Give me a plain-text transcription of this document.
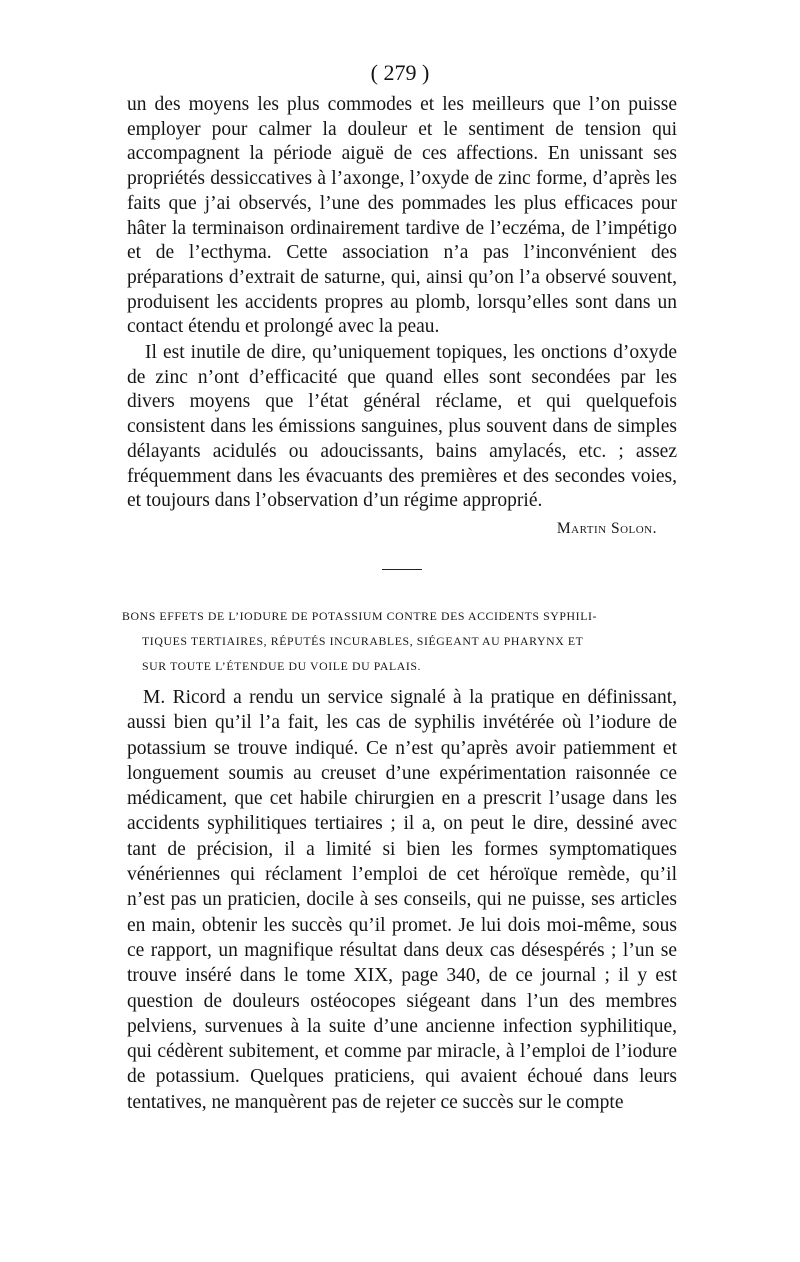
( 279 )

un des moyens les plus commodes et les meilleurs que l’on puisse employer pour calmer la douleur et le sentiment de tension qui accompagnent la période aiguë de ces affections. En unissant ses propriétés dessiccatives à l’axonge, l’oxyde de zinc forme, d’après les faits que j’ai observés, l’une des pommades les plus efficaces pour hâter la terminaison ordinairement tardive de l’eczéma, de l’impétigo et de l’ecthyma. Cette association n’a pas l’inconvénient des préparations d’extrait de saturne, qui, ainsi qu’on l’a observé souvent, produisent les accidents propres au plomb, lorsqu’elles sont dans un contact étendu et prolongé avec la peau.

Il est inutile de dire, qu’uniquement topiques, les onctions d’oxyde de zinc n’ont d’efficacité que quand elles sont secondées par les divers moyens que l’état général réclame, et qui quelquefois consistent dans les émissions sanguines, plus souvent dans de simples délayants acidulés ou adoucissants, bains amylacés, etc. ; assez fréquemment dans les évacuants des premières et des secondes voies, et toujours dans l’observation d’un régime approprié.

Martin Solon.
BONS EFFETS DE L’IODURE DE POTASSIUM CONTRE DES ACCIDENTS SYPHILI-
TIQUES TERTIAIRES, RÉPUTÉS INCURABLES, SIÉGEANT AU PHARYNX ET
SUR TOUTE L’ÉTENDUE DU VOILE DU PALAIS.

M. Ricord a rendu un service signalé à la pratique en définissant, aussi bien qu’il l’a fait, les cas de syphilis invétérée où l’iodure de potassium se trouve indiqué. Ce n’est qu’après avoir patiemment et longuement soumis au creuset d’une expérimentation raisonnée ce médicament, que cet habile chirurgien en a prescrit l’usage dans les accidents syphilitiques tertiaires ; il a, on peut le dire, dessiné avec tant de précision, il a limité si bien les formes symptomatiques vénériennes qui réclament l’emploi de cet héroïque remède, qu’il n’est pas un praticien, docile à ses conseils, qui ne puisse, ses articles en main, obtenir les succès qu’il promet. Je lui dois moi-même, sous ce rapport, un magnifique résultat dans deux cas désespérés ; l’un se trouve inséré dans le tome XIX, page 340, de ce journal ; il y est question de douleurs ostéocopes siégeant dans l’un des membres pelviens, survenues à la suite d’une ancienne infection syphilitique, qui cédèrent subitement, et comme par miracle, à l’emploi de l’iodure de potassium. Quelques praticiens, qui avaient échoué dans leurs tentatives, ne manquèrent pas de rejeter ce succès sur le compte
